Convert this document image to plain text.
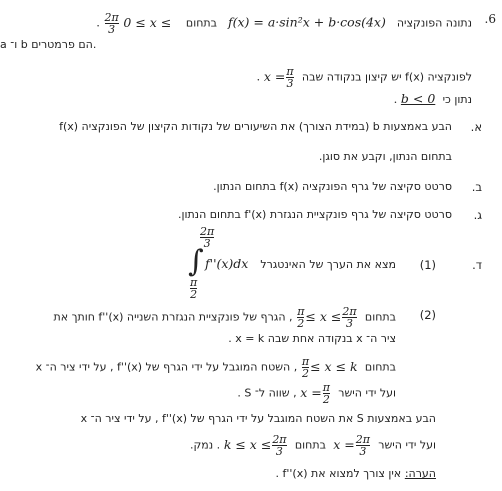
.6
נתונה הפונקציה   f(x) = a·sin²x + b·cos(4x)   בתחום
$\frac{2\pi}{3} 0 \le x$ ≤ .
a ו־ b הם פרמטרים.
לפונקציה f(x) יש קיצון בנקודה שבה  $x = \frac{\pi}{3}$
.
נתון כי  b < 0 .
.א
הבע באמצעות b (במידת הצורך) את השיעורים של נקודות הקיצון של הפונקציה f(x)
בתחום הנתון, וקבע את סוגן.
.ב
סרטט סקיצה של גרף הפונקציה f(x) בתחום הנתון.
.ג
סרטט סקיצה של גרף פונקציית הנגזרת f'(x) בתחום הנתון.
.ד
(1)
מצא את הערך של האינטגרל
2π
3
∫ f''(x)dx
π
2
(2)
בתחום
$\frac{\pi}{2} \le x \le \frac{2\pi}{3}$
, הגרף של פונקציית הנגזרת השנייה f''(x) חותך את
ציר ה־ x בנקודה אחת שבה x = k .
בתחום
$\frac{\pi}{2} \le x \le k$ , השטח המוגבל על ידי הגרף של f''(x) , על ידי ציר ה־ x
ועל ידי הישר  $x = \frac{\pi}{2}$
, שווה ל־ S .
הבע באמצעות S את השטח המוגבל על ידי הגרף של f''(x) , על ידי ציר ה־ x
ועל ידי הישר  $x = \frac{2\pi}{3}$
בתחום  $k \le x \le \frac{2\pi}{3}$
. נמק.
הערה: אין צורך למצוא את f''(x) .
